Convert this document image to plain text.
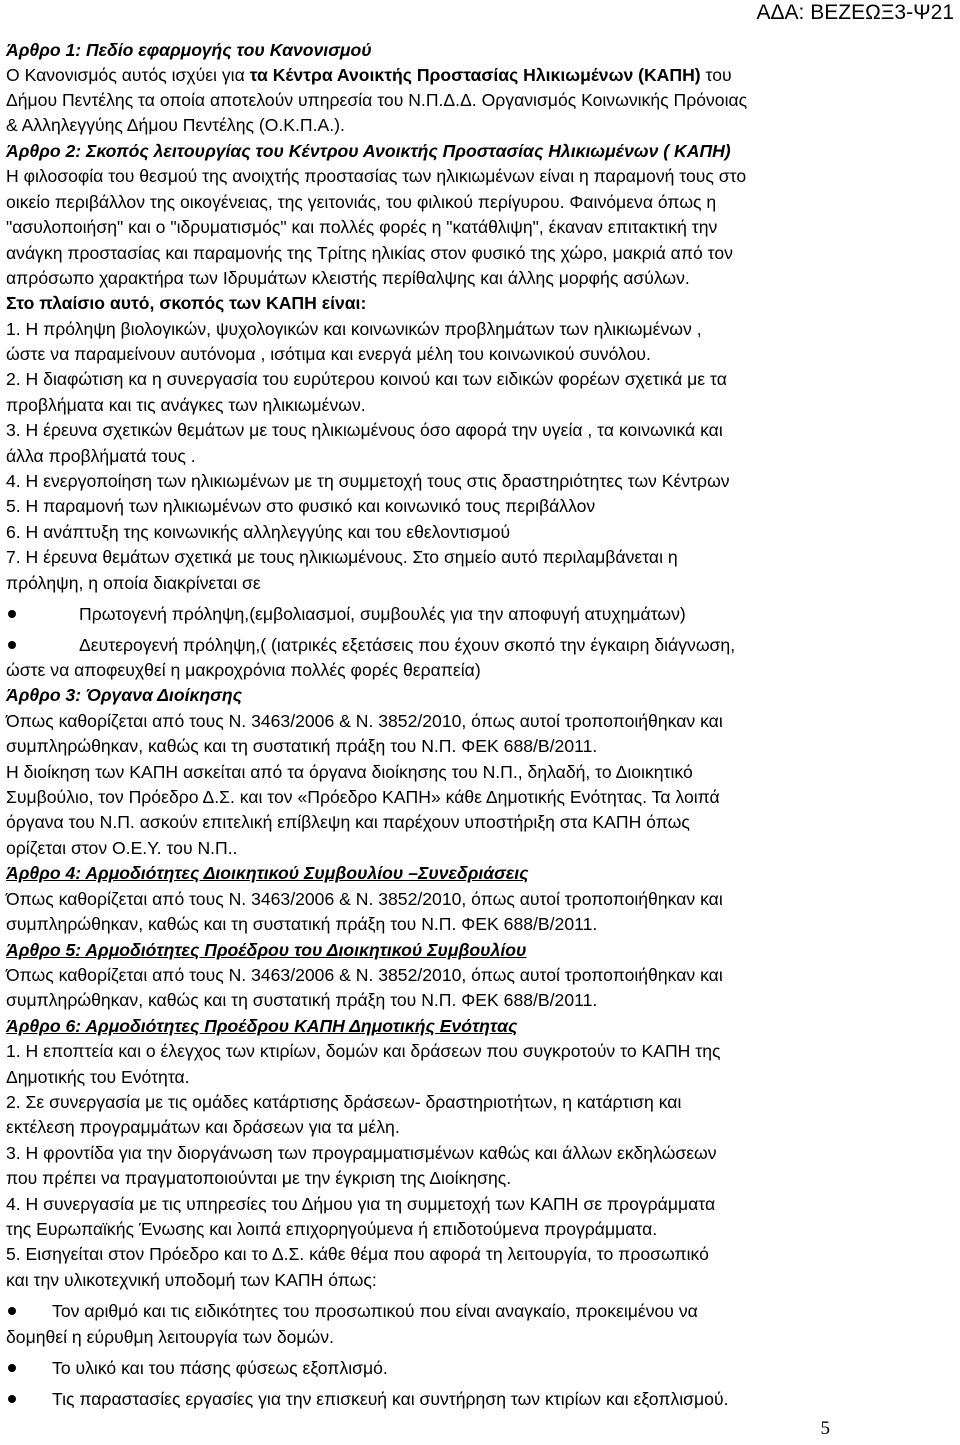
ΑΔΑ: ΒΕΖΕΩΞ3-Ψ21
Άρθρο 1: Πεδίο εφαρμογής του Κανονισμού
Ο Κανονισμός αυτός ισχύει για τα Κέντρα Ανοικτής Προστασίας Ηλικιωμένων (ΚΑΠΗ) του
Δήμου Πεντέλης τα οποία αποτελούν υπηρεσία του Ν.Π.Δ.Δ. Οργανισμός Κοινωνικής Πρόνοιας
& Αλληλεγγύης Δήμου Πεντέλης (Ο.Κ.Π.Α.).
Άρθρο 2: Σκοπός λειτουργίας του Κέντρου Ανοικτής Προστασίας Ηλικιωμένων ( ΚΑΠΗ)
Η φιλοσοφία του θεσμού της ανοιχτής προστασίας των ηλικιωμένων είναι η παραμονή τους στο
οικείο περιβάλλον της οικογένειας, της γειτονιάς, του φιλικού περίγυρου. Φαινόμενα όπως η
"ασυλοποιήση" και ο "ιδρυματισμός" και πολλές φορές η "κατάθλιψη", έκαναν επιτακτική την
ανάγκη προστασίας και παραμονής της Τρίτης ηλικίας στον φυσικό της χώρο, μακριά από τον
απρόσωπο χαρακτήρα των Ιδρυμάτων κλειστής περίθαλψης και άλλης μορφής ασύλων.
Στο πλαίσιο αυτό, σκοπός των ΚΑΠΗ είναι:
1. Η πρόληψη βιολογικών, ψυχολογικών και κοινωνικών προβλημάτων των ηλικιωμένων ,
ώστε να παραμείνουν αυτόνομα , ισότιμα και ενεργά μέλη του κοινωνικού συνόλου.
2. Η διαφώτιση κα η συνεργασία του ευρύτερου κοινού και των ειδικών φορέων σχετικά με τα
προβλήματα και τις ανάγκες των ηλικιωμένων.
3. Η έρευνα σχετικών θεμάτων με τους ηλικιωμένους όσο αφορά την υγεία , τα κοινωνικά και
άλλα προβλήματά τους .
4. Η ενεργοποίηση των ηλικιωμένων με τη συμμετοχή τους στις δραστηριότητες των Κέντρων
5. Η παραμονή των ηλικιωμένων στο φυσικό και κοινωνικό τους περιβάλλον
6. Η ανάπτυξη της κοινωνικής αλληλεγγύης και του εθελοντισμού
7. Η έρευνα θεμάτων σχετικά με τους ηλικιωμένους. Στο σημείο αυτό περιλαμβάνεται η
πρόληψη, η οποία διακρίνεται σε
Πρωτογενή πρόληψη,(εμβολιασμοί, συμβουλές για την αποφυγή ατυχημάτων)
Δευτερογενή πρόληψη,( (ιατρικές εξετάσεις που έχουν σκοπό την έγκαιρη διάγνωση,
ώστε να αποφευχθεί η μακροχρόνια πολλές φορές θεραπεία)
Άρθρο 3: Όργανα Διοίκησης
Όπως καθορίζεται από τους Ν. 3463/2006 & Ν. 3852/2010, όπως αυτοί τροποποιήθηκαν και
συμπληρώθηκαν, καθώς και τη συστατική πράξη του Ν.Π. ΦΕΚ 688/Β/2011.
Η διοίκηση των ΚΑΠΗ ασκείται από τα όργανα διοίκησης του Ν.Π., δηλαδή, το Διοικητικό
Συμβούλιο, τον Πρόεδρο Δ.Σ. και τον «Πρόεδρο ΚΑΠΗ» κάθε Δημοτικής Ενότητας. Τα λοιπά
όργανα του Ν.Π. ασκούν επιτελική επίβλεψη και παρέχουν υποστήριξη στα ΚΑΠΗ όπως
ορίζεται στον Ο.Ε.Υ. του Ν.Π..
Άρθρο 4: Αρμοδιότητες Διοικητικού Συμβουλίου –Συνεδριάσεις
Όπως καθορίζεται από τους Ν. 3463/2006 & Ν. 3852/2010, όπως αυτοί τροποποιήθηκαν και
συμπληρώθηκαν, καθώς και τη συστατική πράξη του Ν.Π. ΦΕΚ 688/Β/2011.
Άρθρο 5: Αρμοδιότητες Προέδρου του Διοικητικού Συμβουλίου
Όπως καθορίζεται από τους Ν. 3463/2006 & Ν. 3852/2010, όπως αυτοί τροποποιήθηκαν και
συμπληρώθηκαν, καθώς και τη συστατική πράξη του Ν.Π. ΦΕΚ 688/Β/2011.
Άρθρο 6: Αρμοδιότητες Προέδρου ΚΑΠΗ Δημοτικής Ενότητας
1. Η εποπτεία και ο έλεγχος των κτιρίων, δομών και δράσεων που συγκροτούν το ΚΑΠΗ της
Δημοτικής του Ενότητα.
2. Σε συνεργασία με τις ομάδες κατάρτισης δράσεων- δραστηριοτήτων, η κατάρτιση και
εκτέλεση προγραμμάτων και δράσεων για τα μέλη.
3. Η φροντίδα για την διοργάνωση των προγραμματισμένων καθώς και άλλων εκδηλώσεων
που πρέπει να πραγματοποιούνται με την έγκριση της Διοίκησης.
4. Η συνεργασία με τις υπηρεσίες του Δήμου για τη συμμετοχή των ΚΑΠΗ σε προγράμματα
της Ευρωπαϊκής Ένωσης και λοιπά επιχορηγούμενα ή επιδοτούμενα προγράμματα.
5. Εισηγείται στον Πρόεδρο και το Δ.Σ. κάθε θέμα που αφορά τη λειτουργία, το προσωπικό
και την υλικοτεχνική υποδομή των ΚΑΠΗ όπως:
Τον αριθμό και τις ειδικότητες του προσωπικού που είναι αναγκαίο, προκειμένου να
δομηθεί η εύρυθμη λειτουργία των δομών.
Το υλικό και του πάσης φύσεως εξοπλισμό.
Τις παραστασίες εργασίες για την επισκευή και συντήρηση των κτιρίων και εξοπλισμού.
5
